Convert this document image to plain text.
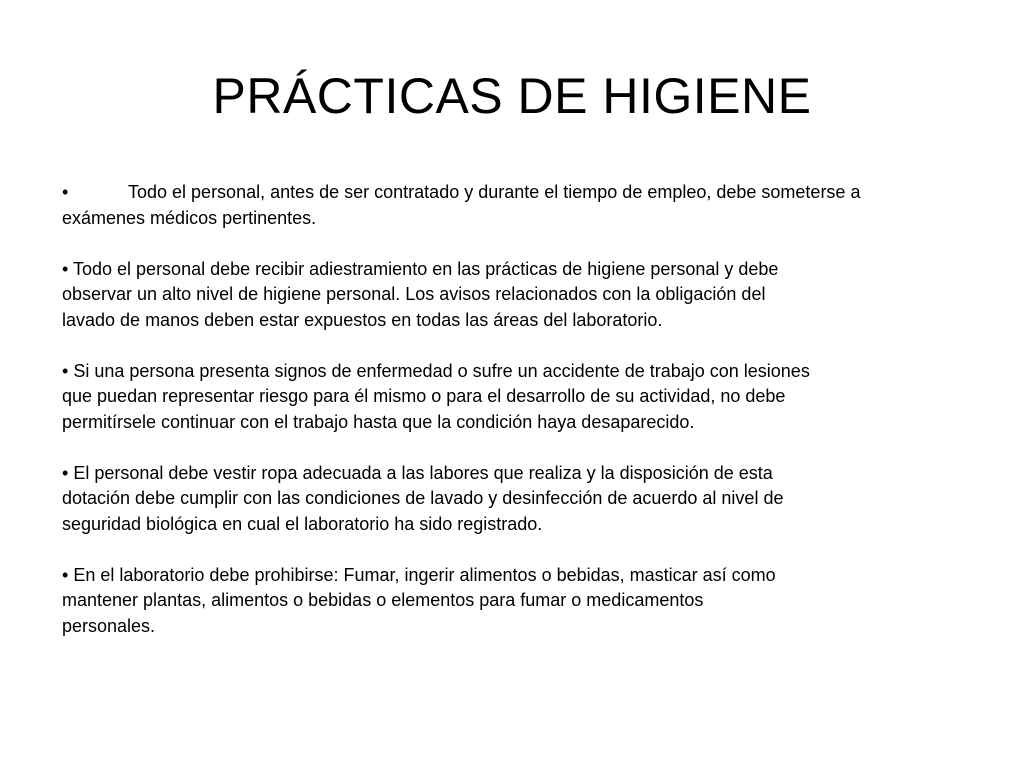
PRÁCTICAS DE HIGIENE
•	Todo el personal, antes de ser contratado y durante el tiempo de empleo, debe someterse a
exámenes médicos pertinentes.
• Todo el personal debe recibir adiestramiento en las prácticas de higiene personal y debe
observar un alto nivel de higiene personal. Los avisos relacionados con la obligación del
lavado de manos deben estar expuestos en todas las áreas del laboratorio.
• Si una persona presenta signos de enfermedad o sufre un accidente de trabajo con lesiones
que puedan representar riesgo para él mismo o para el desarrollo de su actividad, no debe
permitírsele continuar con el trabajo hasta que la condición haya desaparecido.
• El personal debe vestir ropa adecuada a las labores que realiza y la disposición de esta
dotación debe cumplir con las condiciones de lavado y desinfección de acuerdo al nivel de
seguridad biológica en cual el laboratorio ha sido registrado.
• En el laboratorio debe prohibirse: Fumar, ingerir alimentos o bebidas, masticar así como
mantener plantas, alimentos o bebidas o elementos para fumar o medicamentos
personales.
